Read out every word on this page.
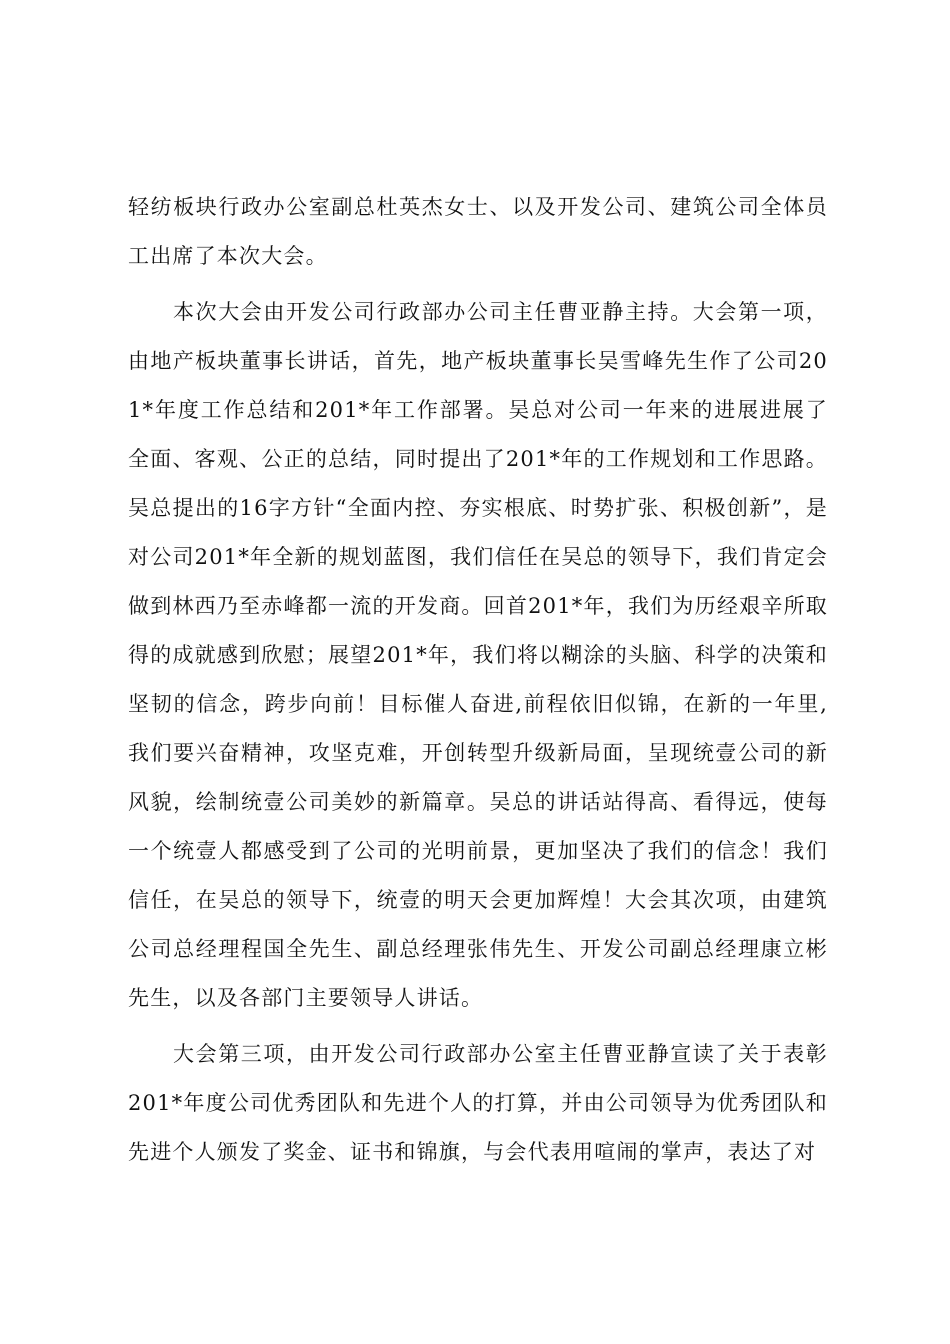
轻纺板块行政办公室副总杜英杰女士、以及开发公司、建筑公司全体员工出席了本次大会。

本次大会由开发公司行政部办公司主任曹亚静主持。大会第一项，由地产板块董事长讲话，首先，地产板块董事长吴雪峰先生作了公司201*年度工作总结和201*年工作部署。吴总对公司一年来的进展进展了全面、客观、公正的总结，同时提出了201*年的工作规划和工作思路。吴总提出的16字方针“全面内控、夯实根底、时势扩张、积极创新”，是对公司201*年全新的规划蓝图，我们信任在吴总的领导下，我们肯定会做到林西乃至赤峰都一流的开发商。回首201*年，我们为历经艰辛所取得的成就感到欣慰；展望201*年，我们将以糊涂的头脑、科学的决策和坚韧的信念，跨步向前！目标催人奋进,前程依旧似锦，在新的一年里,我们要兴奋精神，攻坚克难，开创转型升级新局面，呈现统壹公司的新风貌，绘制统壹公司美妙的新篇章。吴总的讲话站得高、看得远，使每一个统壹人都感受到了公司的光明前景，更加坚决了我们的信念！我们信任，在吴总的领导下，统壹的明天会更加辉煌！大会其次项，由建筑公司总经理程国全先生、副总经理张伟先生、开发公司副总经理康立彬先生，以及各部门主要领导人讲话。

大会第三项，由开发公司行政部办公室主任曹亚静宣读了关于表彰201*年度公司优秀团队和先进个人的打算，并由公司领导为优秀团队和先进个人颁发了奖金、证书和锦旗，与会代表用喧闹的掌声，表达了对
